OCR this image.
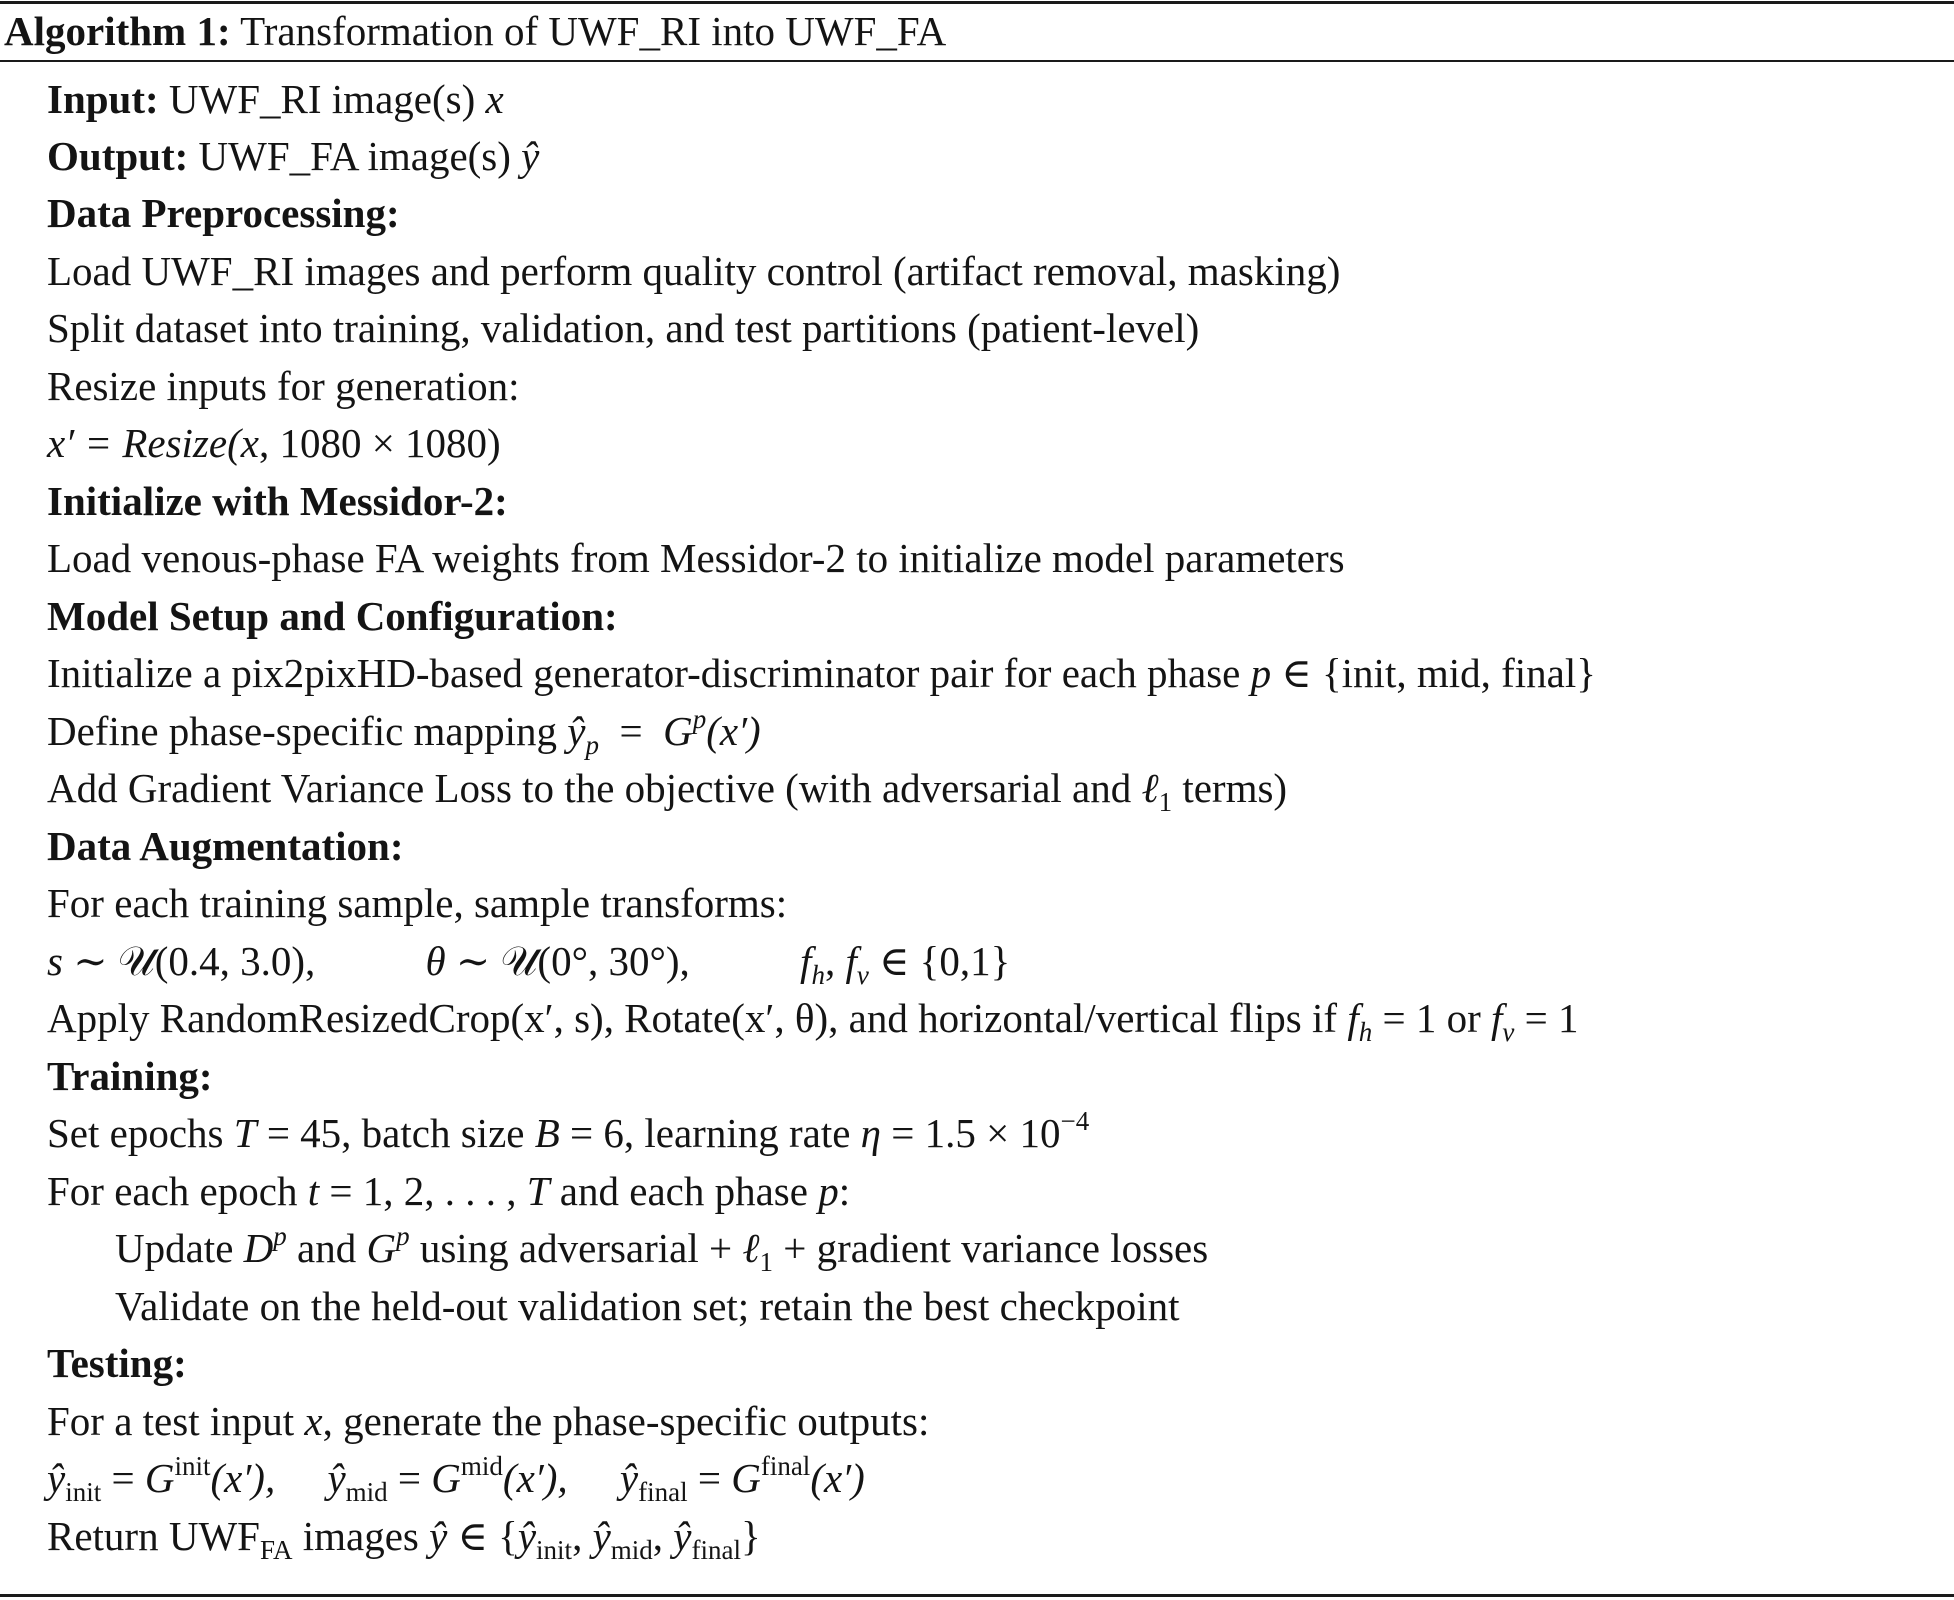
Algorithm 1: Transformation of UWF_RI into UWF_FA
Input: UWF_RI image(s) x
Output: UWF_FA image(s) ŷ
Data Preprocessing:
Load UWF_RI images and perform quality control (artifact removal, masking)
Split dataset into training, validation, and test partitions (patient-level)
Resize inputs for generation:
x′ = Resize(x, 1080 × 1080)
Initialize with Messidor-2:
Load venous-phase FA weights from Messidor-2 to initialize model parameters
Model Setup and Configuration:
Initialize a pix2pixHD-based generator-discriminator pair for each phase p ∈ {init, mid, final}
Define phase-specific mapping $ŷ_p = G^p(x')$
Add Gradient Variance Loss to the objective (with adversarial and ℓ$_1$ terms)
Data Augmentation:
For each training sample, sample transforms:
s ∼ 𝒰(0.4, 3.0),	θ ∼ 𝒰(0°, 30°),	$f_h$, $f_v$ ∈ {0,1}
Apply RandomResizedCrop(x′, s), Rotate(x′, θ), and horizontal/vertical flips if $f_h = 1$ or $f_v = 1$
Training:
Set epochs T = 45, batch size B = 6, learning rate $\eta = 1.5 \times 10^{-4}$
For each epoch t = 1, 2, . . . , T and each phase p:
Update $D^p$ and $G^p$ using adversarial + ℓ$_1$ + gradient variance losses
Validate on the held-out validation set; retain the best checkpoint
Testing:
For a test input x, generate the phase-specific outputs:
$ŷ_{init} = G^{init}(x')$, $ŷ_{mid} = G^{mid}(x')$, $ŷ_{final} = G^{final}(x')$
Return $UWF_{FA}$ images ŷ ∈ {$ŷ_{init}$, $ŷ_{mid}$, $ŷ_{final}$}
